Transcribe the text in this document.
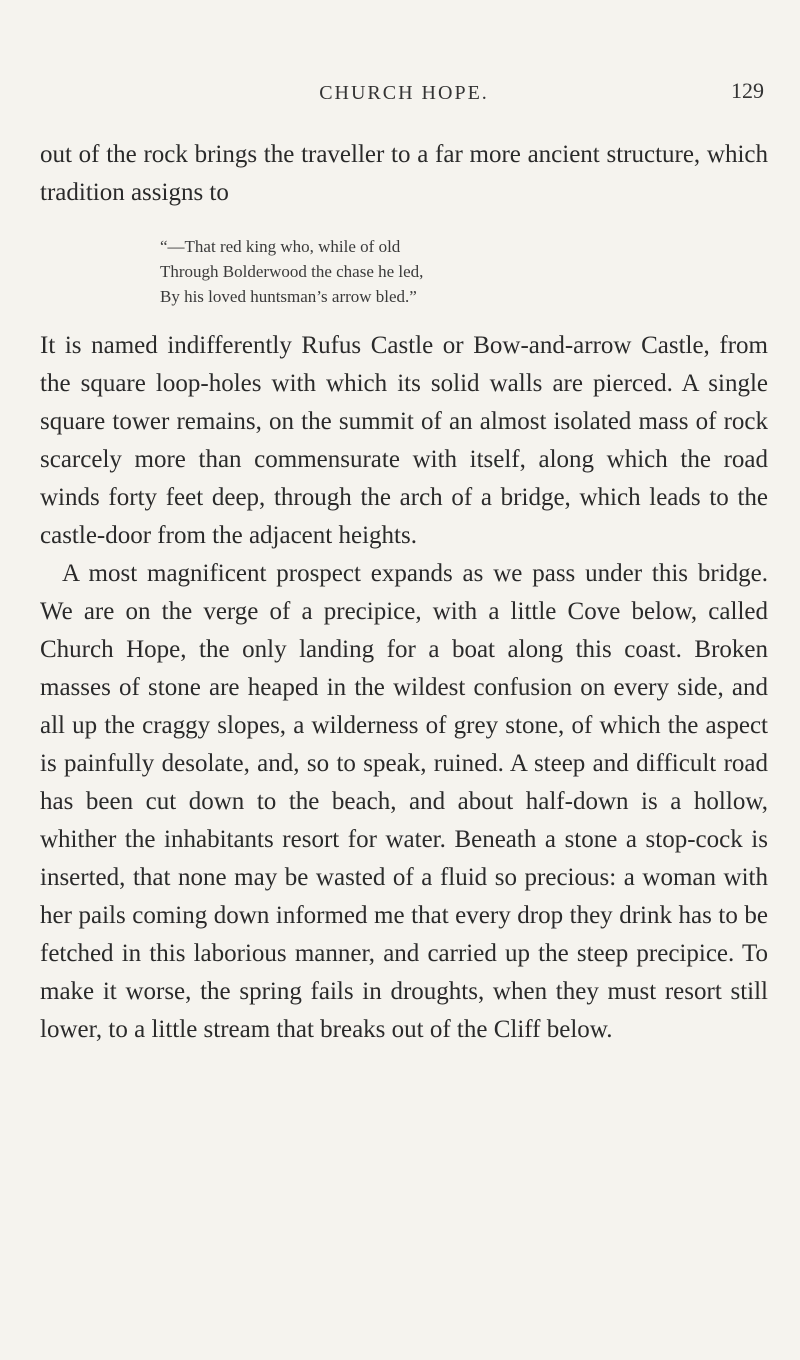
CHURCH HOPE.	129

out of the rock brings the traveller to a far more ancient structure, which tradition assigns to

“—That red king who, while of old
Through Bolderwood the chase he led,
By his loved huntsman’s arrow bled.”

It is named indifferently Rufus Castle or Bow-and-arrow Castle, from the square loop-holes with which its solid walls are pierced. A single square tower remains, on the summit of an almost isolated mass of rock scarcely more than commensurate with itself, along which the road winds forty feet deep, through the arch of a bridge, which leads to the castle-door from the adjacent heights.

A most magnificent prospect expands as we pass under this bridge. We are on the verge of a precipice, with a little Cove below, called Church Hope, the only landing for a boat along this coast. Broken masses of stone are heaped in the wildest confusion on every side, and all up the craggy slopes, a wilderness of grey stone, of which the aspect is painfully desolate, and, so to speak, ruined. A steep and difficult road has been cut down to the beach, and about half-down is a hollow, whither the inhabitants resort for water. Beneath a stone a stop-cock is inserted, that none may be wasted of a fluid so precious: a woman with her pails coming down informed me that every drop they drink has to be fetched in this laborious manner, and carried up the steep precipice. To make it worse, the spring fails in droughts, when they must resort still lower, to a little stream that breaks out of the Cliff below.
